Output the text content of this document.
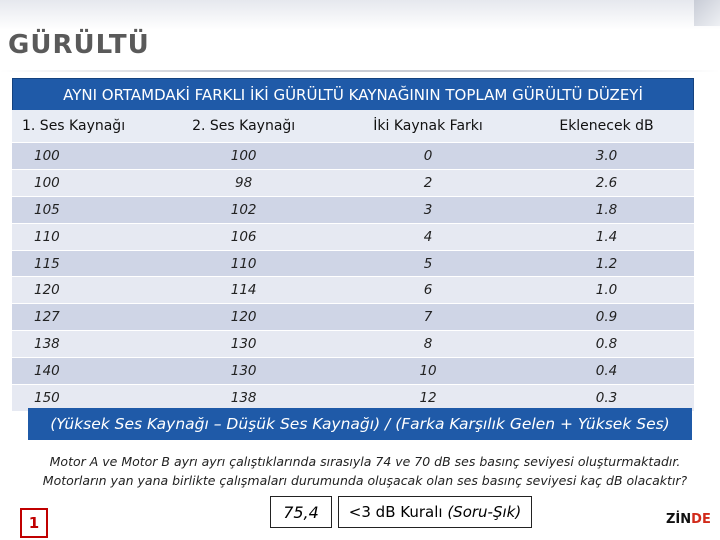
GÜRÜLTÜ
AYNI ORTAMDAKİ FARKLI İKİ GÜRÜLTÜ KAYNAĞININ TOPLAM GÜRÜLTÜ DÜZEYİ
1. Ses Kaynağı	2. Ses Kaynağı	İki Kaynak Farkı	Eklenecek dB
100	100	0	3.0
100	98	2	2.6
105	102	3	1.8
110	106	4	1.4
115	110	5	1.2
120	114	6	1.0
127	120	7	0.9
138	130	8	0.8
140	130	10	0.4
150	138	12	0.3
(Yüksek Ses Kaynağı – Düşük Ses Kaynağı) / (Farka Karşılık Gelen + Yüksek Ses)
Motor A ve Motor B ayrı ayrı çalıştıklarında sırasıyla 74 ve 70 dB ses basınç seviyesi oluşturmaktadır.
Motorların yan yana birlikte çalışmaları durumunda oluşacak olan ses basınç seviyesi kaç dB olacaktır?
1
75,4	<3 dB Kuralı
(Soru-Şık)	ZİNDE
